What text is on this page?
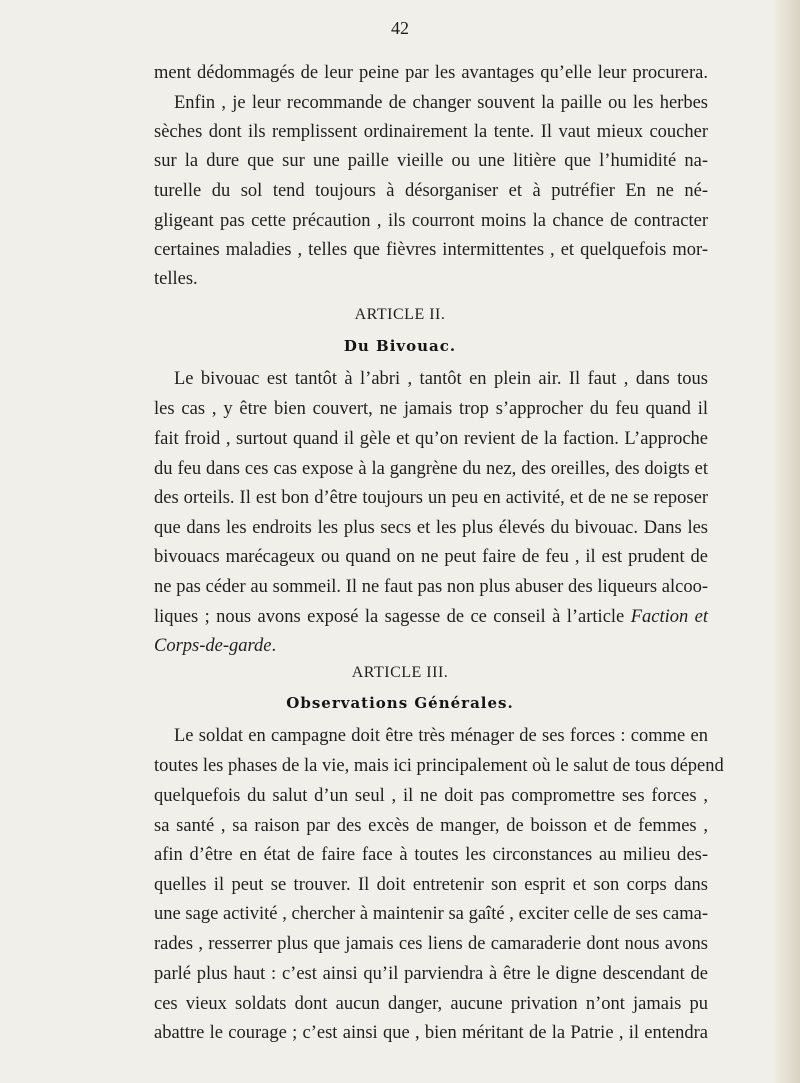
42
ment dédommagés de leur peine par les avantages qu’elle leur procurera.
Enfin , je leur recommande de changer souvent la paille ou les herbes
sèches dont ils remplissent ordinairement la tente. Il vaut mieux coucher
sur la dure que sur une paille vieille ou une litière que l’humidité na-
turelle du sol tend toujours à désorganiser et à putréfier En ne né-
gligeant pas cette précaution , ils courront moins la chance de contracter
certaines maladies , telles que fièvres intermittentes , et quelquefois mor-
telles.
ARTICLE II.
Du Bivouac.
Le bivouac est tantôt à l’abri , tantôt en plein air. Il faut , dans tous
les cas , y être bien couvert, ne jamais trop s’approcher du feu quand il
fait froid , surtout quand il gèle et qu’on revient de la faction. L’approche
du feu dans ces cas expose à la gangrène du nez, des oreilles, des doigts et
des orteils. Il est bon d’être toujours un peu en activité, et de ne se reposer
que dans les endroits les plus secs et les plus élevés du bivouac. Dans les
bivouacs marécageux ou quand on ne peut faire de feu , il est prudent de
ne pas céder au sommeil. Il ne faut pas non plus abuser des liqueurs alcoo-
liques ; nous avons exposé la sagesse de ce conseil à l’article Faction et
Corps-de-garde.
ARTICLE III.
Observations Générales.
Le soldat en campagne doit être très ménager de ses forces : comme en
toutes les phases de la vie, mais ici principalement où le salut de tous dépend
quelquefois du salut d’un seul , il ne doit pas compromettre ses forces ,
sa santé , sa raison par des excès de manger, de boisson et de femmes ,
afin d’être en état de faire face à toutes les circonstances au milieu des-
quelles il peut se trouver. Il doit entretenir son esprit et son corps dans
une sage activité , chercher à maintenir sa gaîté , exciter celle de ses cama-
rades , resserrer plus que jamais ces liens de camaraderie dont nous avons
parlé plus haut : c’est ainsi qu’il parviendra à être le digne descendant de
ces vieux soldats dont aucun danger, aucune privation n’ont jamais pu
abattre le courage ; c’est ainsi que , bien méritant de la Patrie , il entendra
